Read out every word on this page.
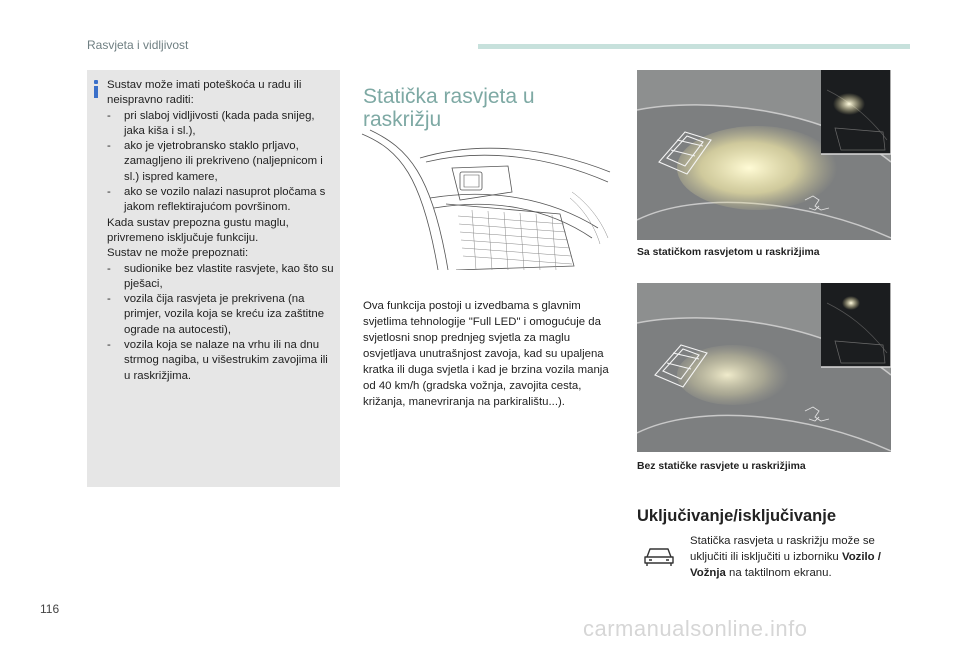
Rasvjeta i vidljivost

Sustav može imati poteškoća u radu ili neispravno raditi:

- pri slaboj vidljivosti (kada pada snijeg, jaka kiša i sl.),

- ako je vjetrobransko staklo prljavo, zamagljeno ili prekriveno (naljepnicom i sl.) ispred kamere,

- ako se vozilo nalazi nasuprot pločama s jakom reflektirajućom površinom.

Kada sustav prepozna gustu maglu, privremeno isključuje funkciju.

Sustav ne može prepoznati:

- sudionike bez vlastite rasvjete, kao što su pješaci,

- vozila čija rasvjeta je prekrivena (na primjer, vozila koja se kreću iza zaštitne ograde na autocesti),

- vozila koja se nalaze na vrhu ili na dnu strmog nagiba, u višestrukim zavojima ili u raskrižjima.

Statička rasvjeta u raskrižju

Ova funkcija postoji u izvedbama s glavnim svjetlima tehnologije "Full LED" i omogućuje da svjetlosni snop prednjeg svjetla za maglu osvjetljava unutrašnjost zavoja, kad su upaljena kratka ili duga svjetla i kad je brzina vozila manja od 40 km/h (gradska vožnja, zavojita cesta, križanja, manevriranja na parkiralištu...).

Sa statičkom rasvjetom u raskrižjima
Bez statičke rasvjete u raskrižjima
Uključivanje/isključivanje

Statička rasvjeta u raskrižju može se uključiti ili isključiti u izborniku Vozilo / Vožnja na taktilnom ekranu.

116
carmanualsonline.info
